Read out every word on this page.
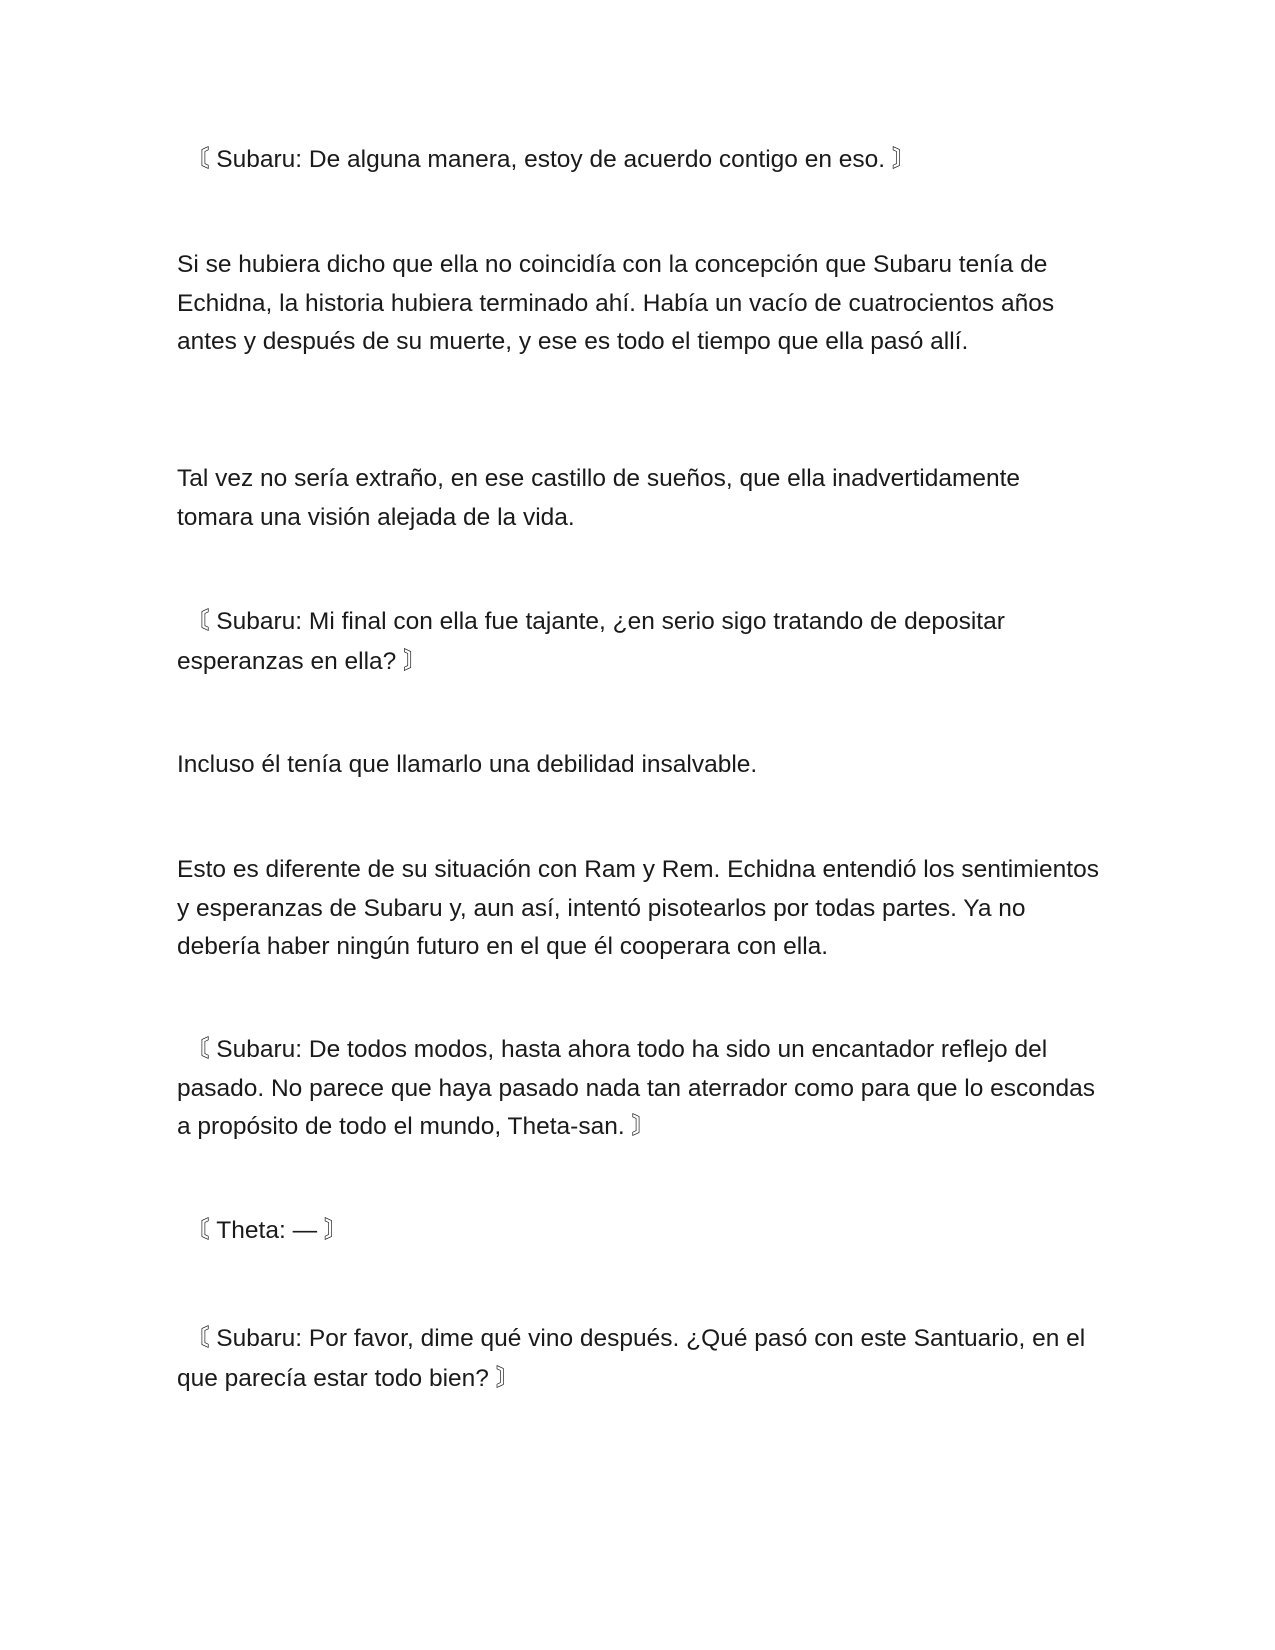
〘 Subaru: De alguna manera, estoy de acuerdo contigo en eso. 〙

Si se hubiera dicho que ella no coincidía con la concepción que Subaru tenía de Echidna, la historia hubiera terminado ahí. Había un vacío de cuatrocientos años antes y después de su muerte, y ese es todo el tiempo que ella pasó allí.

Tal vez no sería extraño, en ese castillo de sueños, que ella inadvertidamente tomara una visión alejada de la vida.

〘 Subaru: Mi final con ella fue tajante, ¿en serio sigo tratando de depositar esperanzas en ella? 〙

Incluso él tenía que llamarlo una debilidad insalvable.

Esto es diferente de su situación con Ram y Rem. Echidna entendió los sentimientos y esperanzas de Subaru y, aun así, intentó pisotearlos por todas partes. Ya no debería haber ningún futuro en el que él cooperara con ella.

〘 Subaru: De todos modos, hasta ahora todo ha sido un encantador reflejo del pasado. No parece que haya pasado nada tan aterrador como para que lo escondas a propósito de todo el mundo, Theta-san. 〙

〘 Theta: — 〙

〘 Subaru: Por favor, dime qué vino después. ¿Qué pasó con este Santuario, en el que parecía estar todo bien? 〙
